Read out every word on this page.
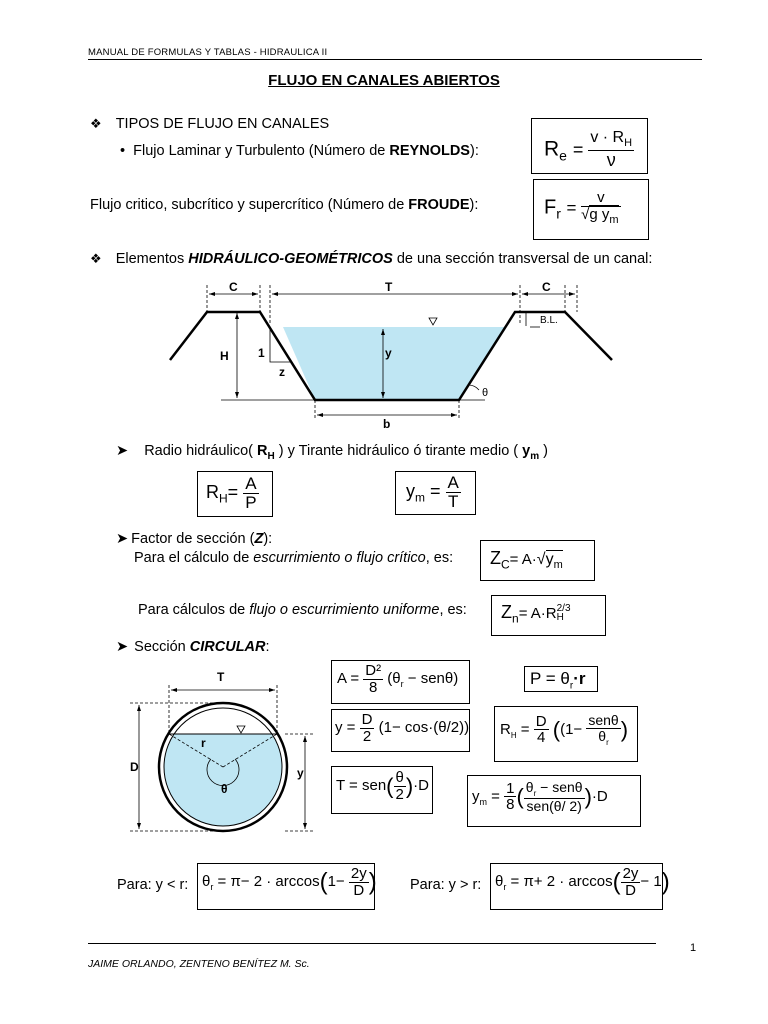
MANUAL DE FORMULAS Y TABLAS - HIDRAULICA II
FLUJO EN CANALES ABIERTOS
❖ TIPOS DE FLUJO EN CANALES
• Flujo Laminar y Turbulento (Número de REYNOLDS):	$R_e = \frac{v \cdot R_H}{\nu}$
Flujo critico, subcrítico y supercrítico (Número de FROUDE):	$F_r = \frac{v}{√g y_m}$
❖ Elementos HIDRÁULICO-GEOMÉTRICOS de una sección transversal de un canal:
C	T	C
H 1
z
y
b
B.L.
θ
➤ Radio hidráulico( $R_H$ ) y Tirante hidráulico ó tirante medio ( $y_m$ )
$R_H= \frac{A}{P}$	$y_m = \frac{A}{T}$
➤ Factor de sección (Z):
Para el cálculo de escurrimiento o flujo crítico, es: $Z_C= A\cdot√y_m$
Para cálculos de flujo o escurrimiento uniforme, es: $Z_n= A\cdot R$ 2/3
H
➤ Sección CIRCULAR:
T
D
r
y
θ
$A = \frac{\text{D²}}{8} (\theta_r - sen\theta)$	$P = \theta_r\cdot r$
$y = \frac{D}{2} (1- \cos\cdot(\theta/2)) R_H = \frac{D}{4} ((1- \frac{\text{senθ}}{\theta_r}$ )
$T = sen( \frac{\theta}{2} )\cdot D$
$y_m = \frac{1}{8}$ ( $\frac{\theta_r - sen\theta}{\text{sen(θ/ 2)}} )\cdot D$
Para: y < r: $\theta_r = \pi- 2 \cdot \arccos(1- \frac{2y}{D}$ ) Para: y > r: $\theta_r = \pi+ 2 \cdot \arccos( \frac{2y}{D} - 1)$
1
JAIME ORLANDO, ZENTENO BENÍTEZ M. Sc.
